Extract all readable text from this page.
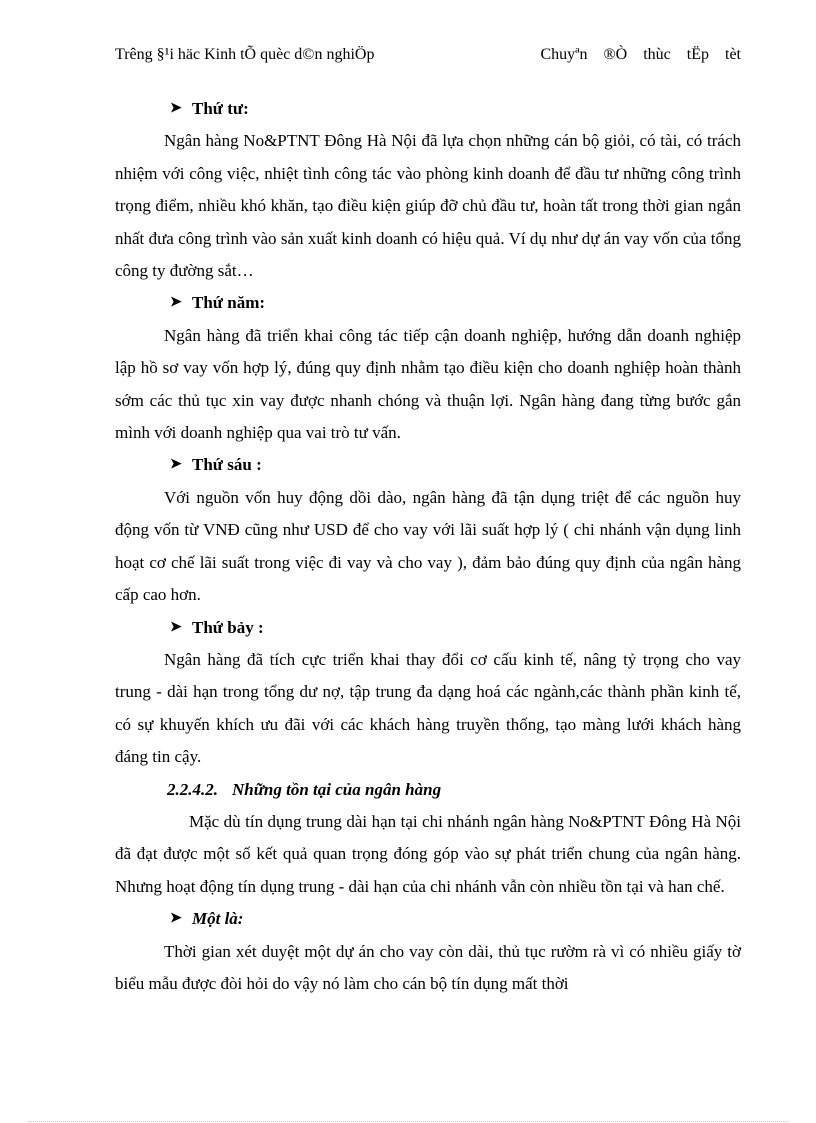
Trêng §¹i häc Kinh tÕ quèc d©n nghiÖp	Chuyªn ®Ò thùc tËp tèt
➤ Thứ tư:

Ngân hàng No&PTNT Đông Hà Nội đã lựa chọn những cán bộ giỏi, có tài, có trách nhiệm với công việc, nhiệt tình công tác vào phòng kinh doanh để đầu tư những công trình trọng điểm, nhiều khó khăn, tạo điều kiện giúp đỡ chủ đầu tư, hoàn tất trong thời gian ngắn nhất đưa công trình vào sản xuất kinh doanh có hiệu quả. Ví dụ như dự án vay vốn của tổng công ty đường sắt…

➤ Thứ năm:

Ngân hàng đã triển khai công tác tiếp cận doanh nghiệp, hướng dẫn doanh nghiệp lập hồ sơ vay vốn hợp lý, đúng quy định nhằm tạo điều kiện cho doanh nghiệp hoàn thành sớm các thủ tục xin vay được nhanh chóng và thuận lợi. Ngân hàng đang từng bước gắn mình với doanh nghiệp qua vai trò tư vấn.

➤ Thứ sáu :

Với nguồn vốn huy động dồi dào, ngân hàng đã tận dụng triệt để các nguồn huy động vốn từ VNĐ cũng như USD để cho vay với lãi suất hợp lý ( chi nhánh vận dụng linh hoạt cơ chế lãi suất trong việc đi vay và cho vay ), đảm bảo đúng quy định của ngân hàng cấp cao hơn.

➤ Thứ bảy :

Ngân hàng đã tích cực triển khai thay đổi cơ cấu kinh tế, nâng tỷ trọng cho vay trung - dài hạn trong tổng dư nợ, tập trung đa dạng hoá các ngành,các thành phần kinh tế, có sự khuyến khích ưu đãi với các khách hàng truyền thống, tạo màng lưới khách hàng đáng tin cậy.

2.2.4.2. Những tồn tại của ngân hàng

Mặc dù tín dụng trung dài hạn tại chi nhánh ngân hàng No&PTNT Đông Hà Nội đã đạt được một số kết quả quan trọng đóng góp vào sự phát triển chung của ngân hàng. Nhưng hoạt động tín dụng trung - dài hạn của chi nhánh vẫn còn nhiều tồn tại và han chế.

➤ Một là:

Thời gian xét duyệt một dự án cho vay còn dài, thủ tục rườm rà vì có nhiều giấy tờ biểu mẫu được đòi hỏi do vậy nó làm cho cán bộ tín dụng mất thời
